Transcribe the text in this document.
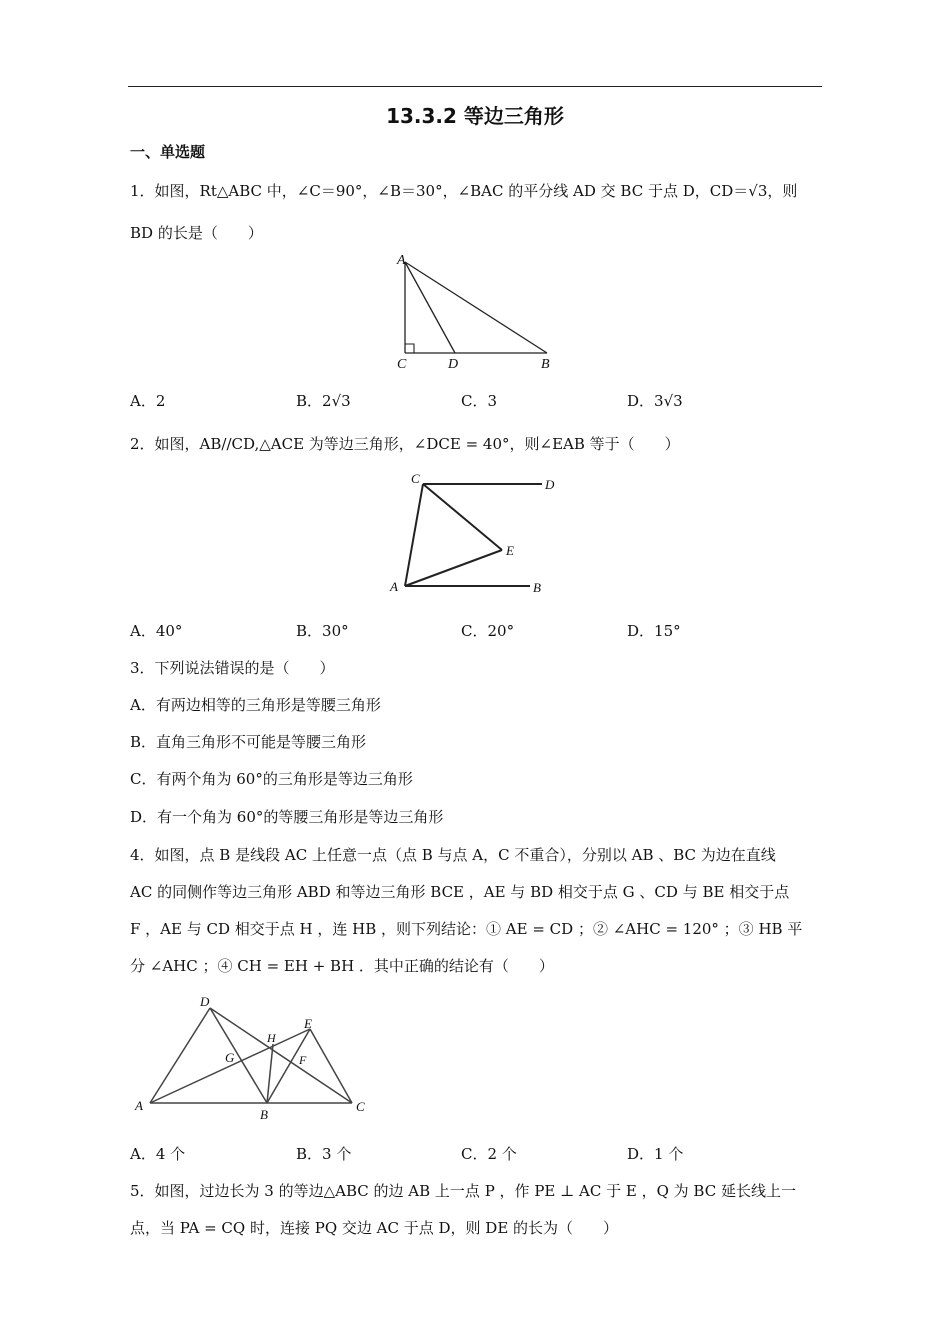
13.3.2 等边三角形
一、单选题
1．如图，Rt△ABC 中，∠C＝90°，∠B＝30°，∠BAC 的平分线 AD 交 BC 于点 D，CD＝√3，则
BD 的长是（　　）
A
C	D	B
A．2	B．2√3	C．3	D．3√3
2．如图，AB//CD,△ACE 为等边三角形，∠DCE = 40°，则∠EAB 等于（　　）
C	D
E
A	B
A．40°	B．30°	C．20°	D．15°
3．下列说法错误的是（　　）
A．有两边相等的三角形是等腰三角形
B．直角三角形不可能是等腰三角形
C．有两个角为 60°的三角形是等边三角形
D．有一个角为 60°的等腰三角形是等边三角形
4．如图，点 B 是线段 AC 上任意一点（点 B 与点 A，C 不重合），分别以 AB 、BC 为边在直线
AC 的同侧作等边三角形 ABD 和等边三角形 BCE ，AE 与 BD 相交于点 G 、CD 与 BE 相交于点
F ，AE 与 CD 相交于点 H ，连 HB ，则下列结论：① AE = CD ；② ∠AHC = 120° ；③ HB 平
分 ∠AHC ；④ CH = EH + BH ．其中正确的结论有（　　）
D
E
H
G	F
A
B
C
A．4 个	B．3 个	C．2 个	D．1 个
5．如图，过边长为 3 的等边△ABC 的边 AB 上一点 P ，作 PE ⊥ AC 于 E ，Q 为 BC 延长线上一
点，当 PA = CQ 时，连接 PQ 交边 AC 于点 D，则 DE 的长为（　　）
